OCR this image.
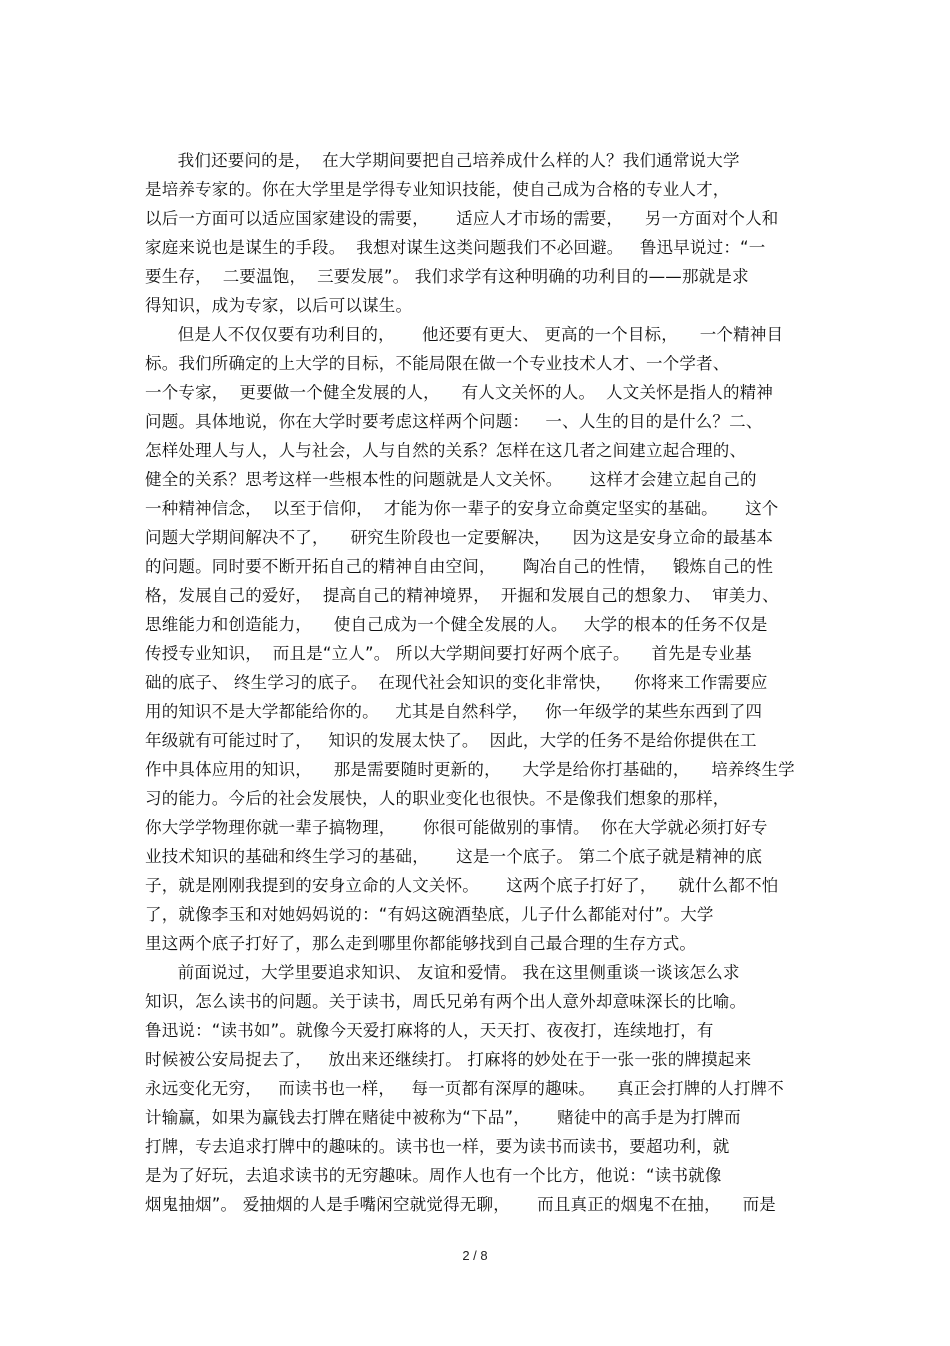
我们还要问的是，  在大学期间要把自己培养成什么样的人？我们通常说大学
是培养专家的。你在大学里是学得专业知识技能，使自己成为合格的专业人才，
以后一方面可以适应国家建设的需要，     适应人才市场的需要，    另一方面对个人和
家庭来说也是谋生的手段。  我想对谋生这类问题我们不必回避。   鲁迅早说过：“一
要生存，  二要温饱，  三要发展”。 我们求学有这种明确的功利目的——那就是求
得知识，成为专家，以后可以谋生。
但是人不仅仅要有功利目的，     他还要有更大、 更高的一个目标，    一个精神目
标。我们所确定的上大学的目标，不能局限在做一个专业技术人才、一个学者、
一个专家，  更要做一个健全发展的人，    有人文关怀的人。  人文关怀是指人的精神
问题。具体地说，你在大学时要考虑这样两个问题：   一、人生的目的是什么？二、
怎样处理人与人，人与社会，人与自然的关系？怎样在这几者之间建立起合理的、
健全的关系？思考这样一些根本性的问题就是人文关怀。     这样才会建立起自己的
一种精神信念，  以至于信仰，  才能为你一辈子的安身立命奠定坚实的基础。     这个
问题大学期间解决不了，    研究生阶段也一定要解决，    因为这是安身立命的最基本
的问题。同时要不断开拓自己的精神自由空间，     陶冶自己的性情，   锻炼自己的性
格，发展自己的爱好，  提高自己的精神境界，  开掘和发展自己的想象力、  审美力、
思维能力和创造能力，    使自己成为一个健全发展的人。   大学的根本的任务不仅是
传授专业知识，  而且是“立人”。 所以大学期间要打好两个底子。    首先是专业基
础的底子、 终生学习的底子。  在现代社会知识的变化非常快，    你将来工作需要应
用的知识不是大学都能给你的。   尤其是自然科学，   你一年级学的某些东西到了四
年级就有可能过时了，   知识的发展太快了。  因此，大学的任务不是给你提供在工
作中具体应用的知识，    那是需要随时更新的，    大学是给你打基础的，    培养终生学
习的能力。今后的社会发展快，人的职业变化也很快。不是像我们想象的那样，
你大学学物理你就一辈子搞物理，     你很可能做别的事情。  你在大学就必须打好专
业技术知识的基础和终生学习的基础，     这是一个底子。 第二个底子就是精神的底
子，就是刚刚我提到的安身立命的人文关怀。     这两个底子打好了，    就什么都不怕
了，就像李玉和对她妈妈说的：“有妈这碗酒垫底，儿子什么都能对付”。大学
里这两个底子打好了，那么走到哪里你都能够找到自己最合理的生存方式。
前面说过，大学里要追求知识、 友谊和爱情。 我在这里侧重谈一谈该怎么求
知识，怎么读书的问题。关于读书，周氏兄弟有两个出人意外却意味深长的比喻。
鲁迅说：“读书如”。就像今天爱打麻将的人，天天打、夜夜打，连续地打，有
时候被公安局捉去了，   放出来还继续打。 打麻将的妙处在于一张一张的牌摸起来
永远变化无穷，   而读书也一样，   每一页都有深厚的趣味。    真正会打牌的人打牌不
计输赢，如果为赢钱去打牌在赌徒中被称为“下品”，     赌徒中的高手是为打牌而
打牌，专去追求打牌中的趣味的。读书也一样，要为读书而读书，要超功利，就
是为了好玩，去追求读书的无穷趣味。周作人也有一个比方，他说：“读书就像
烟鬼抽烟”。 爱抽烟的人是手嘴闲空就觉得无聊，     而且真正的烟鬼不在抽，    而是
2 / 8
